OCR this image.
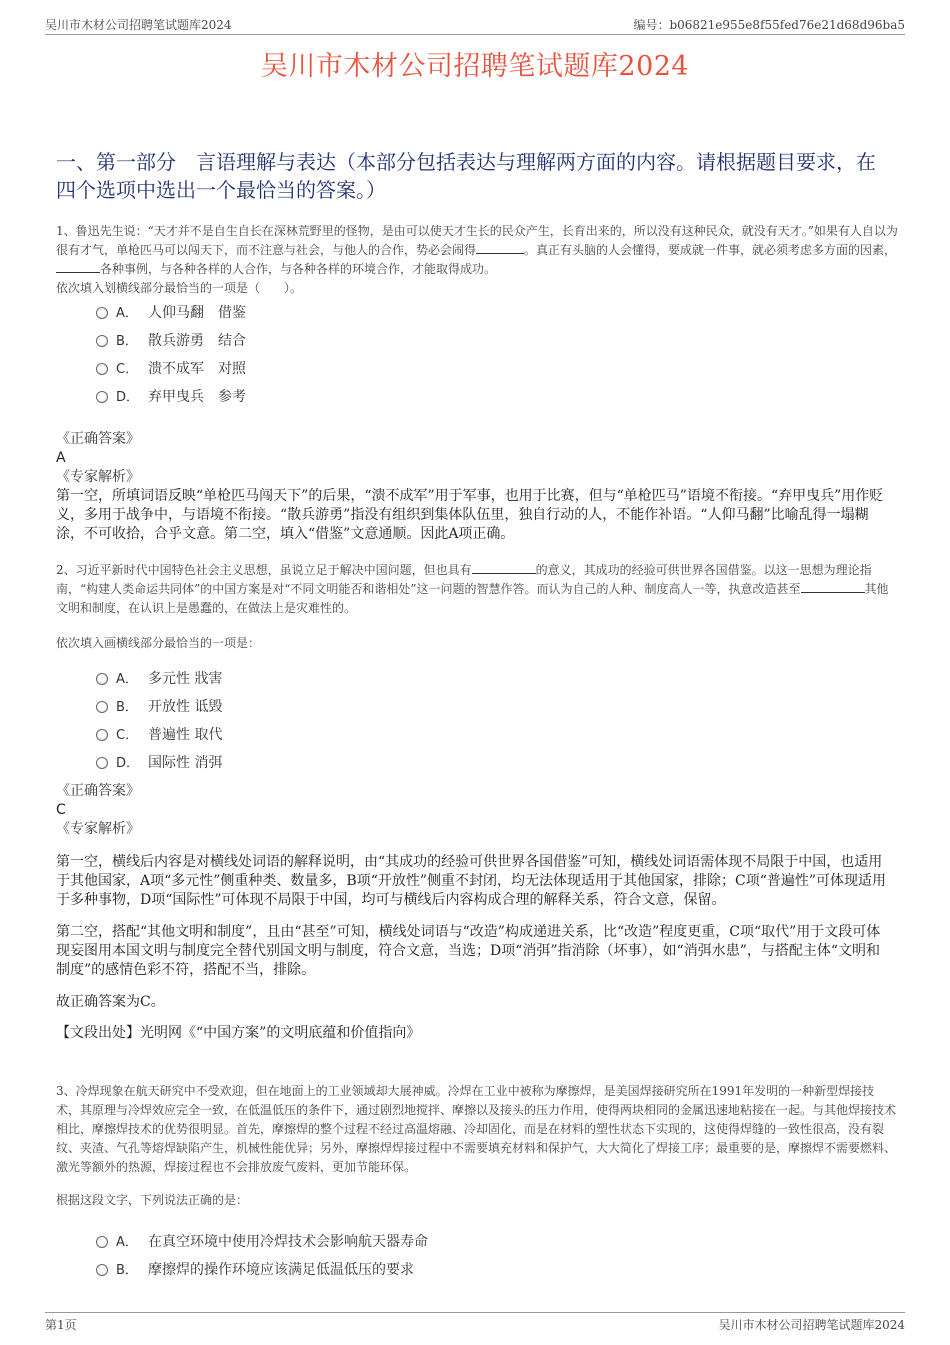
吴川市木材公司招聘笔试题库2024	编号：b06821e955e8f55fed76e21d68d96ba5
吴川市木材公司招聘笔试题库2024
一、第一部分　言语理解与表达（本部分包括表达与理解两方面的内容。请根据题目要求，在四个选项中选出一个最恰当的答案。）

1、鲁迅先生说：“天才并不是自生自长在深林荒野里的怪物，是由可以使天才生长的民众产生，长育出来的，所以没有这种民众，就没有天才。”如果有人自以为很有才气，单枪匹马可以闯天下，而不注意与社会，与他人的合作，势必会闹得	。真正有头脑的人会懂得，要成就一件事，就必须考虑多方面的因素，各种事例，与各种各样的人合作，与各种各样的环境合作，才能取得成功。

依次填入划横线部分最恰当的一项是（　　）。

A． 人仰马翻　借鉴
B． 散兵游勇　结合
C． 溃不成军　对照
D． 弃甲曳兵　参考
《正确答案》
A
《专家解析》

第一空，所填词语反映“单枪匹马闯天下”的后果，“溃不成军”用于军事，也用于比赛，但与“单枪匹马”语境不衔接。“弃甲曳兵”用作贬义，多用于战争中，与语境不衔接。“散兵游勇”指没有组织到集体队伍里，独自行动的人，不能作补语。“人仰马翻”比喻乱得一塌糊涂，不可收拾，合乎文意。第二空，填入“借鉴”文意通顺。因此A项正确。

2、习近平新时代中国特色社会主义思想，虽说立足于解决中国问题，但也具有	的意义，其成功的经验可供世界各国借鉴。以这一思想为理论指南，“构建人类命运共同体”的中国方案是对“不同文明能否和谐相处”这一问题的智慧作答。而认为自己的人种、制度高人一等，执意改造甚至	其他文明和制度，在认识上是愚蠢的，在做法上是灾难性的。

依次填入画横线部分最恰当的一项是：

A． 多元性 戕害
B． 开放性 诋毁
C． 普遍性 取代
D． 国际性 消弭
《正确答案》
C
《专家解析》

第一空，横线后内容是对横线处词语的解释说明，由“其成功的经验可供世界各国借鉴”可知，横线处词语需体现不局限于中国，也适用于其他国家，A项“多元性”侧重种类、数量多，B项“开放性”侧重不封闭，均无法体现适用于其他国家，排除；C项“普遍性”可体现适用于多种事物，D项“国际性”可体现不局限于中国，均可与横线后内容构成合理的解释关系，符合文意，保留。

第二空，搭配“其他文明和制度”，且由“甚至”可知，横线处词语与“改造”构成递进关系，比“改造”程度更重，C项“取代”用于文段可体现妄图用本国文明与制度完全替代别国文明与制度，符合文意，当选；D项“消弭”指消除（坏事），如“消弭水患”，与搭配主体“文明和制度”的感情色彩不符，搭配不当，排除。

故正确答案为C。

【文段出处】光明网《“中国方案”的文明底蕴和价值指向》

3、冷焊现象在航天研究中不受欢迎，但在地面上的工业领域却大展神威。冷焊在工业中被称为摩擦焊，是美国焊接研究所在1991年发明的一种新型焊接技术，其原理与冷焊效应完全一致，在低温低压的条件下，通过剧烈地搅拌、摩擦以及接头的压力作用，使得两块相同的金属迅速地粘接在一起。与其他焊接技术相比，摩擦焊技术的优势很明显。首先，摩擦焊的整个过程不经过高温熔融、冷却固化，而是在材料的塑性状态下实现的，这使得焊缝的一致性很高，没有裂纹、夹渣、气孔等熔焊缺陷产生，机械性能优异；另外，摩擦焊焊接过程中不需要填充材料和保护气，大大简化了焊接工序；最重要的是，摩擦焊不需要燃料、激光等额外的热源，焊接过程也不会排放废气废料，更加节能环保。

根据这段文字，下列说法正确的是：

A． 在真空环境中使用冷焊技术会影响航天器寿命
B． 摩擦焊的操作环境应该满足低温低压的要求
第1页	吴川市木材公司招聘笔试题库2024
